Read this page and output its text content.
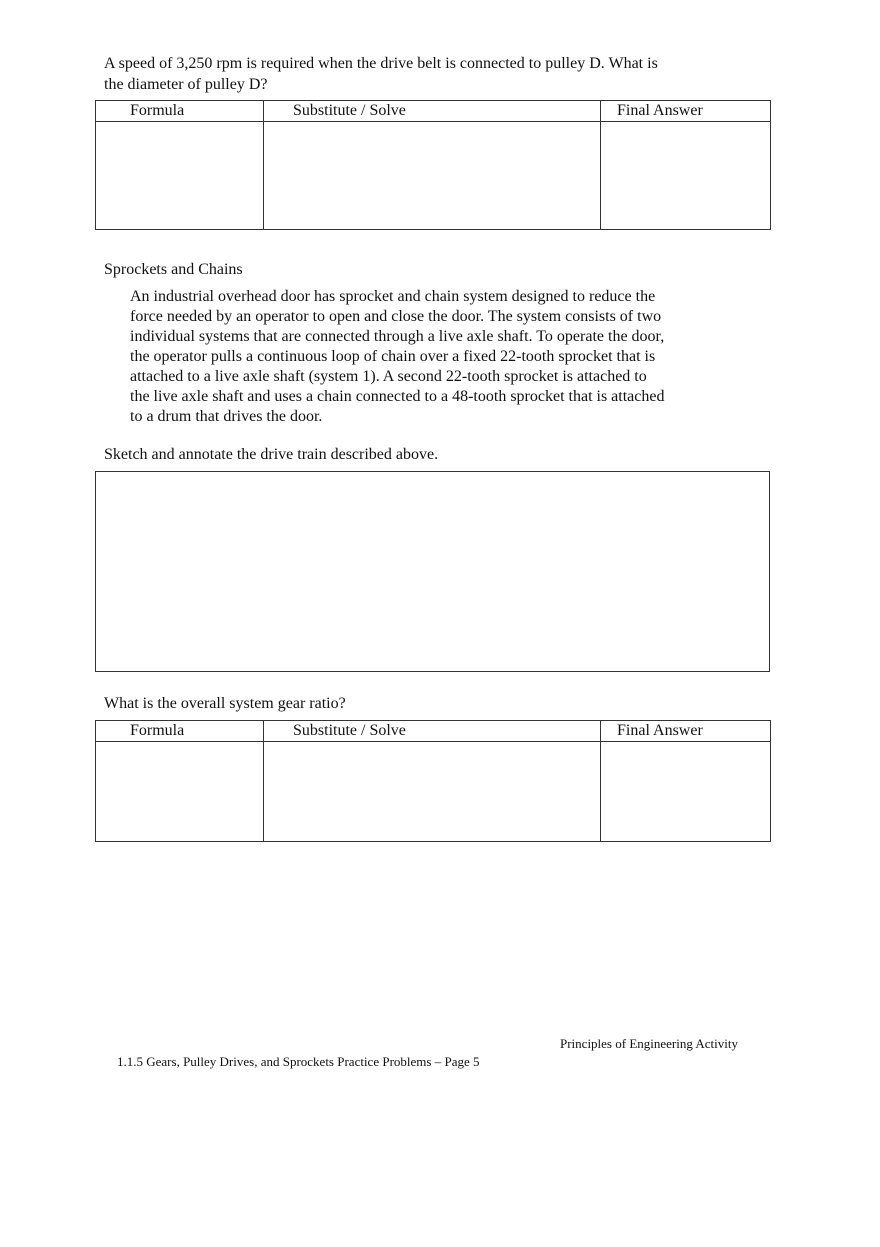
A speed of 3,250 rpm is required when the drive belt is connected to pulley D. What is
the diameter of pulley D?
Formula	Substitute / Solve	Final Answer

Sprockets and Chains
An industrial overhead door has sprocket and chain system designed to reduce the
force needed by an operator to open and close the door. The system consists of two
individual systems that are connected through a live axle shaft. To operate the door,
the operator pulls a continuous loop of chain over a fixed 22-tooth sprocket that is
attached to a live axle shaft (system 1). A second 22-tooth sprocket is attached to
the live axle shaft and uses a chain connected to a 48-tooth sprocket that is attached
to a drum that drives the door.
Sketch and annotate the drive train described above.
What is the overall system gear ratio?
Formula	Substitute / Solve	Final Answer

Principles of Engineering Activity
1.1.5 Gears, Pulley Drives, and Sprockets Practice Problems – Page 5
